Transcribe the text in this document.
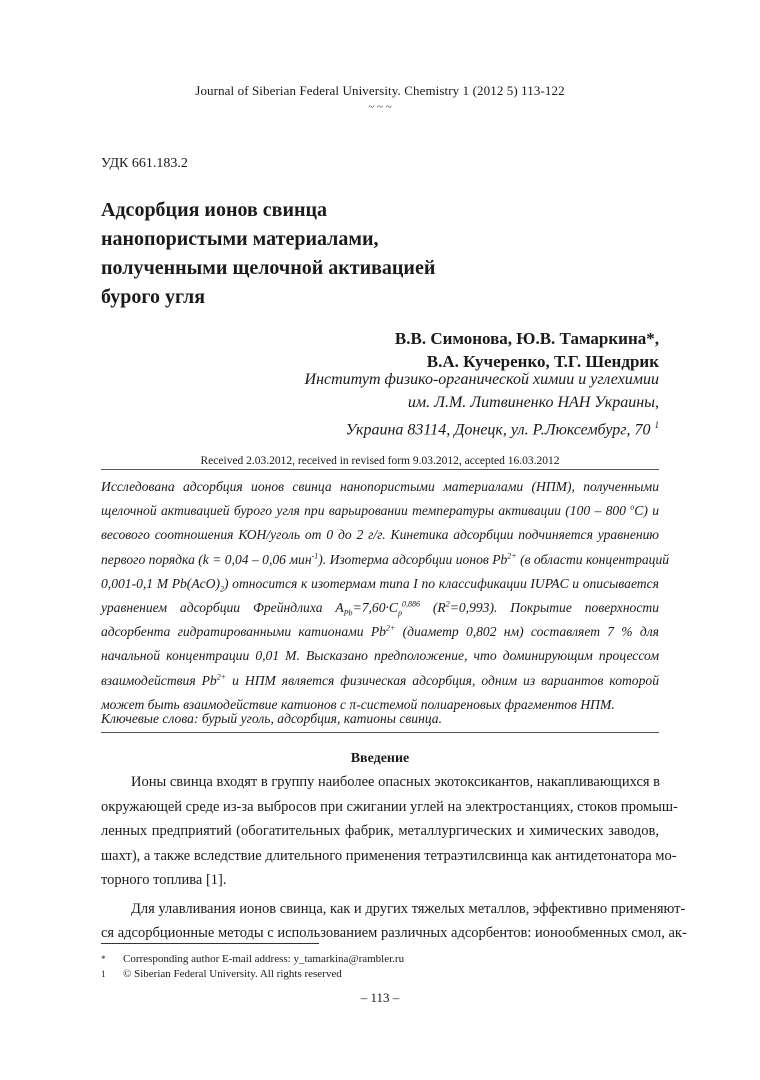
Journal of Siberian Federal University. Chemistry 1 (2012 5) 113-122
~ ~ ~
УДК 661.183.2
Адсорбция ионов свинца
нанопористыми материалами,
полученными щелочной активацией
бурого угля
В.В. Симонова, Ю.В. Тамаркина*,
В.А. Кучеренко, Т.Г. Шендрик
Институт физико-органической химии и углехимии
им. Л.М. Литвиненко НАН Украины,
Украина 83114, Донецк, ул. Р.Люксембург, 70 $^1$
Received 2.03.2012, received in revised form 9.03.2012, accepted 16.03.2012
Исследована адсорбция ионов свинца нанопористыми материалами (НПМ), полученными
щелочной активацией бурого угля при варьировании температуры активации (100 – 800 $^о$С) и
весового соотношения КОН/уголь от 0 до 2 г/г. Кинетика адсорбции подчиняется уравнению
первого порядка (k = 0,04 – 0,06 мин$^{-1}$). Изотерма адсорбции ионов $Pb^{2+}$ (в области концентраций
0,001-0,1 М $Pb(AcO)_2$) относится к изотермам типа I по классификации IUPAC и описывается
уравнением адсорбции Фрейндлиха $А_{Pb}=7,60\cdot С_p^{0,886}$ $(R^2=0,993)$. Покрытие поверхности
адсорбента гидратированными катионами $Pb^{2+}$ (диаметр 0,802 нм) составляет 7 % для
начальной концентрации 0,01 М. Высказано предположение, что доминирующим процессом
взаимодействия $Pb^{2+}$ и НПМ является физическая адсорбция, одним из вариантов которой
может быть взаимодействие катионов с π-системой полиареновых фрагментов НПМ.
Ключевые слова: бурый уголь, адсорбция, катионы свинца.
Введение
Ионы свинца входят в группу наиболее опасных экотоксикантов, накапливающихся в
окружающей среде из-за выбросов при сжигании углей на электростанциях, стоков промыш-
ленных предприятий (обогатительных фабрик, металлургических и химических заводов,
шахт), а также вследствие длительного применения тетраэтилсвинца как антидетонатора мо-
торного топлива [1].
Для улавливания ионов свинца, как и других тяжелых металлов, эффективно применяют-
ся адсорбционные методы с использованием различных адсорбентов: ионообменных смол, ак-
*	Corresponding author E-mail address: y_tamarkina@rambler.ru
1	© Siberian Federal University. All rights reserved
– 113 –
